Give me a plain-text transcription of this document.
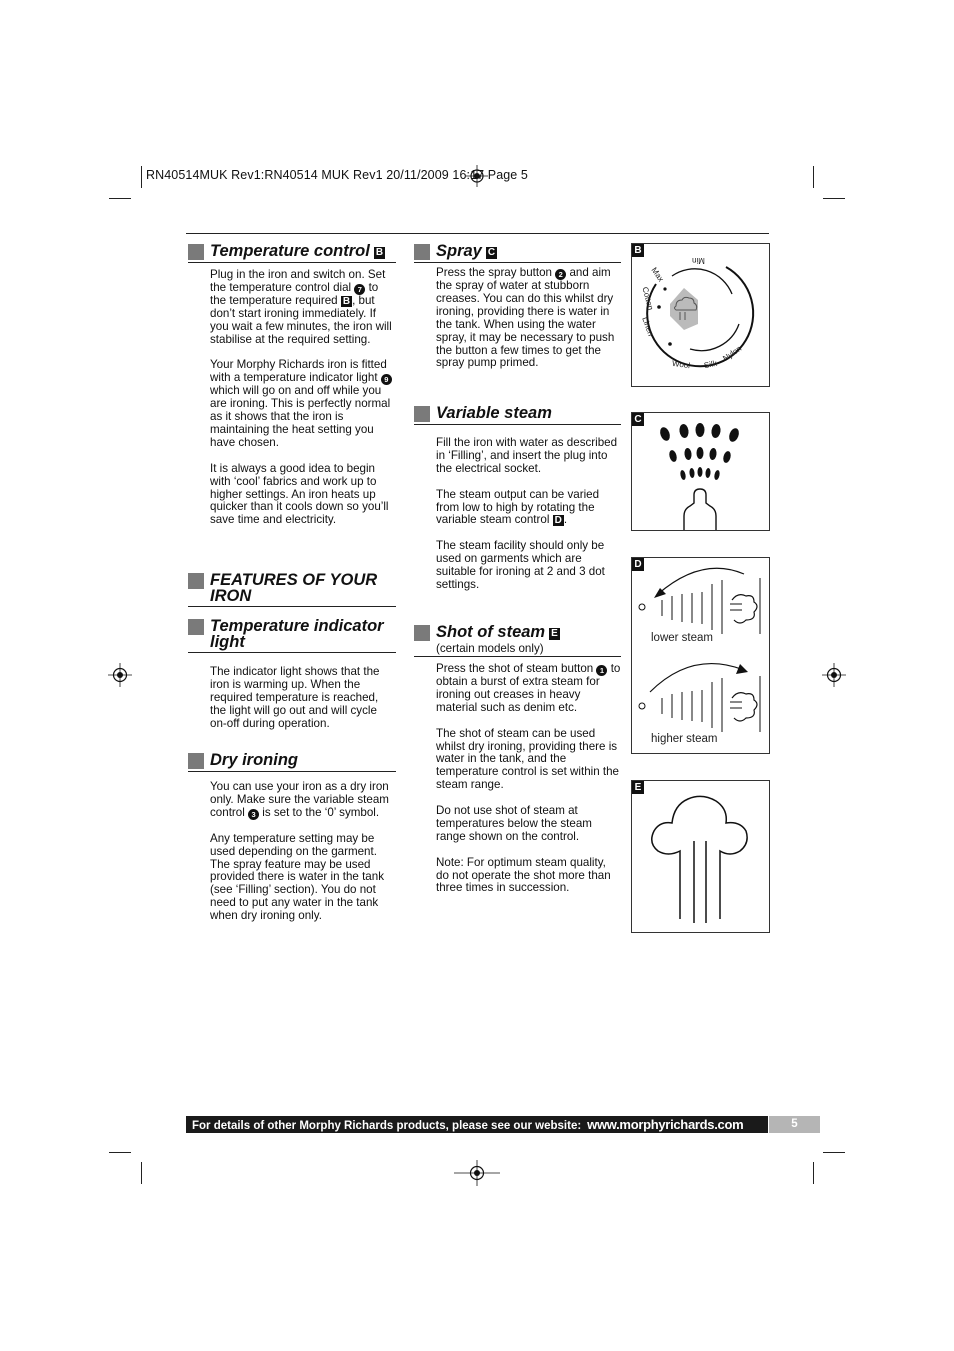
RN40514MUK Rev1:RN40514 MUK Rev1 20/11/2009 16:17 Page 5
Temperature control B

Plug in the iron and switch on. Set the temperature control dial 7 to the temperature required B , but don’t start ironing immediately. If you wait a few minutes, the iron will stabilise at the required setting.

Your Morphy Richards iron is fitted with a temperature indicator light 9 which will go on and off while you are ironing. This is perfectly normal as it shows that the iron is maintaining the heat setting you have chosen.

It is always a good idea to begin with ‘cool’ fabrics and work up to higher settings. An iron heats up quicker than it cools down so you’ll save time and electricity.

FEATURES OF YOUR IRON
Temperature indicator light

The indicator light shows that the iron is warming up. When the required temperature is reached, the light will go out and will cycle on-off during operation.

Dry ironing

You can use your iron as a dry iron only. Make sure the variable steam control 3 is set to the ‘0’ symbol.

Any temperature setting may be used depending on the garment. The spray feature may be used provided there is water in the tank (see ‘Filling’ section). You do not need to put any water in the tank when dry ironing only.

Spray C

Press the spray button 2 and aim the spray of water at stubborn creases. You can do this whilst dry ironing, providing there is water in the tank. When using the water spray, it may be necessary to push the button a few times to get the spray pump primed.

Variable steam

Fill the iron with water as described in ‘Filling’, and insert the plug into the electrical socket.

The steam output can be varied from low to high by rotating the variable steam control D .

The steam facility should only be used on garments which are suitable for ironing at 2 and 3 dot settings.

Shot of steam E
(certain models only)

Press the shot of steam button 1 to obtain a burst of extra steam for ironing out creases in heavy material such as denim etc.

The shot of steam can be used whilst dry ironing, providing there is water in the tank, and the temperature control is set within the steam range.

Do not use shot of steam at temperatures below the steam range shown on the control.

Note: For optimum steam quality, do not operate the shot more than three times in succession.

B
Min
Max
Cotton
Linen
Wool Silk
Nylon
C
D
lower steam
higher steam
E
For details of other Morphy Richards products, please see our website: www.morphyrichards.com	5
